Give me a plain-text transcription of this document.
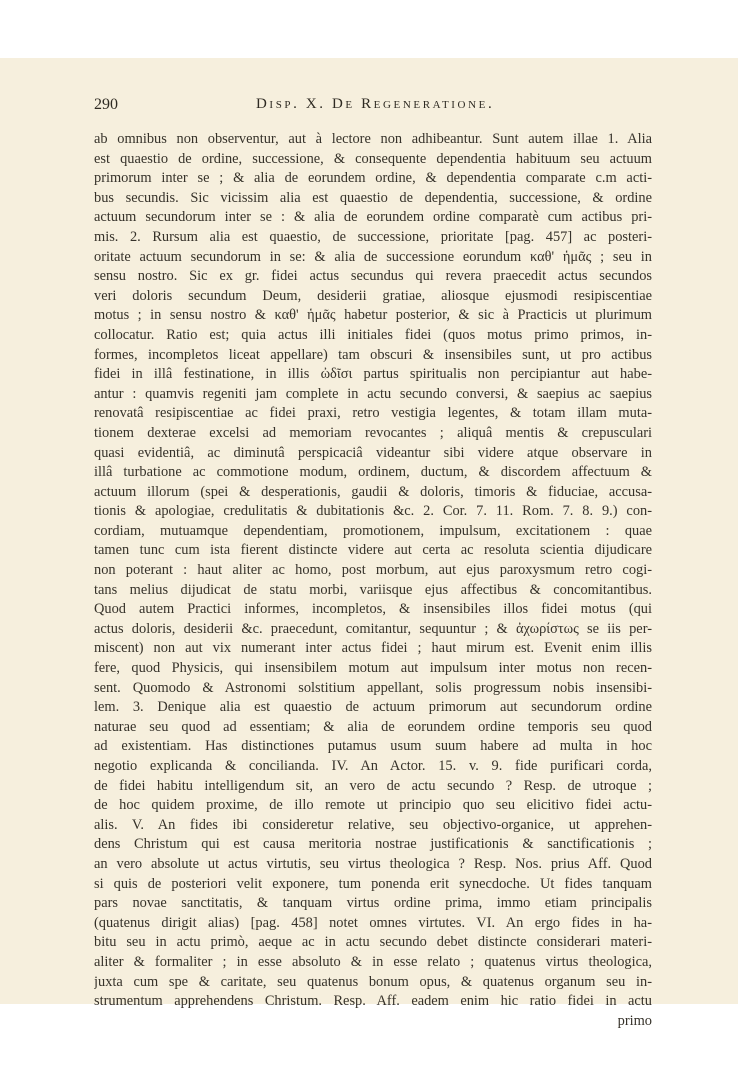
290	Disp. X. De Regeneratione.
ab omnibus non observentur, aut à lectore non adhibeantur. Sunt autem illae 1. Alia
est quaestio de ordine, successione, & consequente dependentia habituum seu actuum
primorum inter se ; & alia de eorundem ordine, & dependentia comparate c.m acti-
bus secundis. Sic vicissim alia est quaestio de dependentia, successione, & ordine
actuum secundorum inter se : & alia de eorundem ordine comparatè cum actibus pri-
mis. 2. Rursum alia est quaestio, de successione, prioritate [pag. 457] ac posteri-
oritate actuum secundorum in se: & alia de successione eorundum καθ' ἡμᾶς ; seu in
sensu nostro. Sic ex gr. fidei actus secundus qui revera praecedit actus secundos
veri doloris secundum Deum, desiderii gratiae, aliosque ejusmodi resipiscentiae
motus ; in sensu nostro & καθ' ἡμᾶς habetur posterior, & sic à Practicis ut plurimum
collocatur. Ratio est; quia actus illi initiales fidei (quos motus primo primos, in-
formes, incompletos liceat appellare) tam obscuri & insensibiles sunt, ut pro actibus
fidei in illâ festinatione, in illis ὠδῖσι partus spiritualis non percipiantur aut habe-
antur : quamvis regeniti jam complete in actu secundo conversi, & saepius ac saepius
renovatâ resipiscentiae ac fidei praxi, retro vestigia legentes, & totam illam muta-
tionem dexterae excelsi ad memoriam revocantes ; aliquâ mentis & crepusculari
quasi evidentiâ, ac diminutâ perspicaciâ videantur sibi videre atque observare in
illâ turbatione ac commotione modum, ordinem, ductum, & discordem affectuum &
actuum illorum (spei & desperationis, gaudii & doloris, timoris & fiduciae, accusa-
tionis & apologiae, credulitatis & dubitationis &c. 2. Cor. 7. 11. Rom. 7. 8. 9.) con-
cordiam, mutuamque dependentiam, promotionem, impulsum, excitationem : quae
tamen tunc cum ista fierent distincte videre aut certa ac resoluta scientia dijudicare
non poterant : haut aliter ac homo, post morbum, aut ejus paroxysmum retro cogi-
tans melius dijudicat de statu morbi, variisque ejus affectibus & concomitantibus.
Quod autem Practici informes, incompletos, & insensibiles illos fidei motus (qui
actus doloris, desiderii &c. praecedunt, comitantur, sequuntur ; & ἀχωρίστως se iis per-
miscent) non aut vix numerant inter actus fidei ; haut mirum est. Evenit enim illis
fere, quod Physicis, qui insensibilem motum aut impulsum inter motus non recen-
sent. Quomodo & Astronomi solstitium appellant, solis progressum nobis insensibi-
lem. 3. Denique alia est quaestio de actuum primorum aut secundorum ordine
naturae seu quod ad essentiam; & alia de eorundem ordine temporis seu quod
ad existentiam. Has distinctiones putamus usum suum habere ad multa in hoc
negotio explicanda & concilianda. IV. An Actor. 15. v. 9. fide purificari corda,
de fidei habitu intelligendum sit, an vero de actu secundo ? Resp. de utroque ;
de hoc quidem proxime, de illo remote ut principio quo seu elicitivo fidei actu-
alis. V. An fides ibi consideretur relative, seu objectivo-organice, ut apprehen-
dens Christum qui est causa meritoria nostrae justificationis & sanctificationis ;
an vero absolute ut actus virtutis, seu virtus theologica ? Resp. Nos. prius Aff. Quod
si quis de posteriori velit exponere, tum ponenda erit synecdoche. Ut fides tanquam
pars novae sanctitatis, & tanquam virtus ordine prima, immo etiam principalis
(quatenus dirigit alias) [pag. 458] notet omnes virtutes. VI. An ergo fides in ha-
bitu seu in actu primò, aeque ac in actu secundo debet distincte considerari materi-
aliter & formaliter ; in esse absoluto & in esse relato ; quatenus virtus theologica,
juxta cum spe & caritate, seu quatenus bonum opus, & quatenus organum seu in-
strumentum apprehendens Christum. Resp. Aff. eadem enim hic ratio fidei in actu
primo
